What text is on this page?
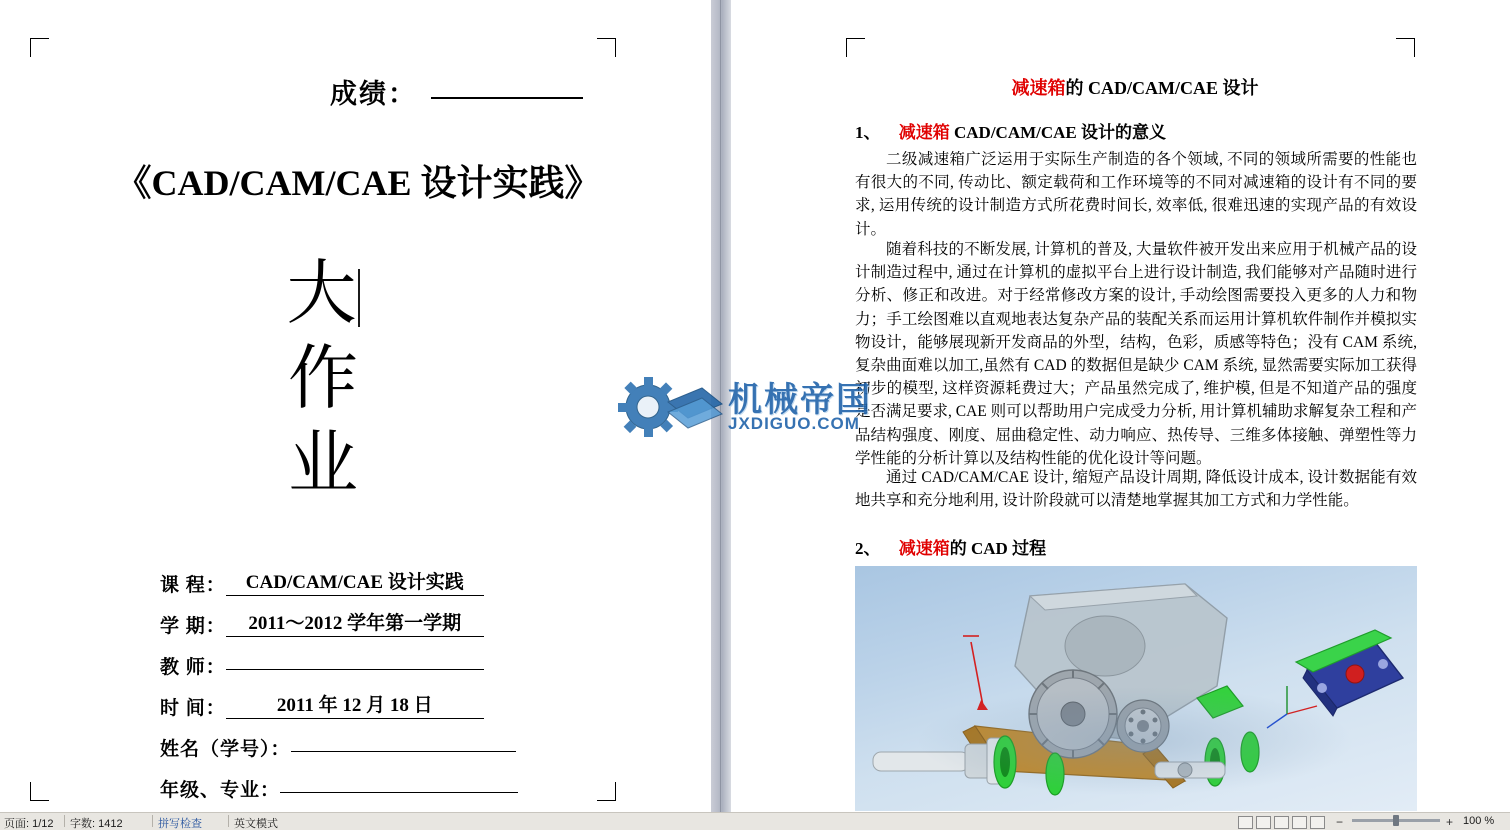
成绩：
《CAD/CAM/CAE 设计实践》
大
作
业
课 程： CAD/CAM/CAE 设计实践
学 期： 2011～2012 学年第一学期
教 师：
时 间：	2011 年 12 月 18 日
姓名（学号）：
年级、专业：
减速箱的 CAD/CAM/CAE 设计
1、 减速箱 CAD/CAM/CAE 设计的意义
二级减速箱广泛运用于实际生产制造的各个领域, 不同的领域所需要的性能也有很大的不同, 传动比、额定载荷和工作环境等的不同对减速箱的设计有不同的要求, 运用传统的设计制造方式所花费时间长, 效率低, 很难迅速的实现产品的有效设计。
随着科技的不断发展, 计算机的普及, 大量软件被开发出来应用于机械产品的设计制造过程中, 通过在计算机的虚拟平台上进行设计制造, 我们能够对产品随时进行分析、修正和改进。对于经常修改方案的设计, 手动绘图需要投入更多的人力和物力；手工绘图难以直观地表达复杂产品的装配关系而运用计算机软件制作并模拟实物设计，能够展现新开发商品的外型，结构，色彩，质感等特色；没有 CAM 系统,复杂曲面难以加工,虽然有 CAD 的数据但是缺少 CAM 系统, 显然需要实际加工获得初步的模型, 这样资源耗费过大；产品虽然完成了, 维护模, 但是不知道产品的强度是否满足要求, CAE 则可以帮助用户完成受力分析, 用计算机辅助求解复杂工程和产品结构强度、刚度、屈曲稳定性、动力响应、热传导、三维多体接触、弹塑性等力学性能的分析计算以及结构性能的优化设计等问题。
通过 CAD/CAM/CAE 设计, 缩短产品设计周期, 降低设计成本, 设计数据能有效地共享和充分地利用, 设计阶段就可以清楚地掌握其加工方式和力学性能。
2、 减速箱的 CAD 过程
机械帝国
JXDIGUO.COM
页面: 1/12 字数: 1412	拼写检查	英文模式	−	+ 100 %
